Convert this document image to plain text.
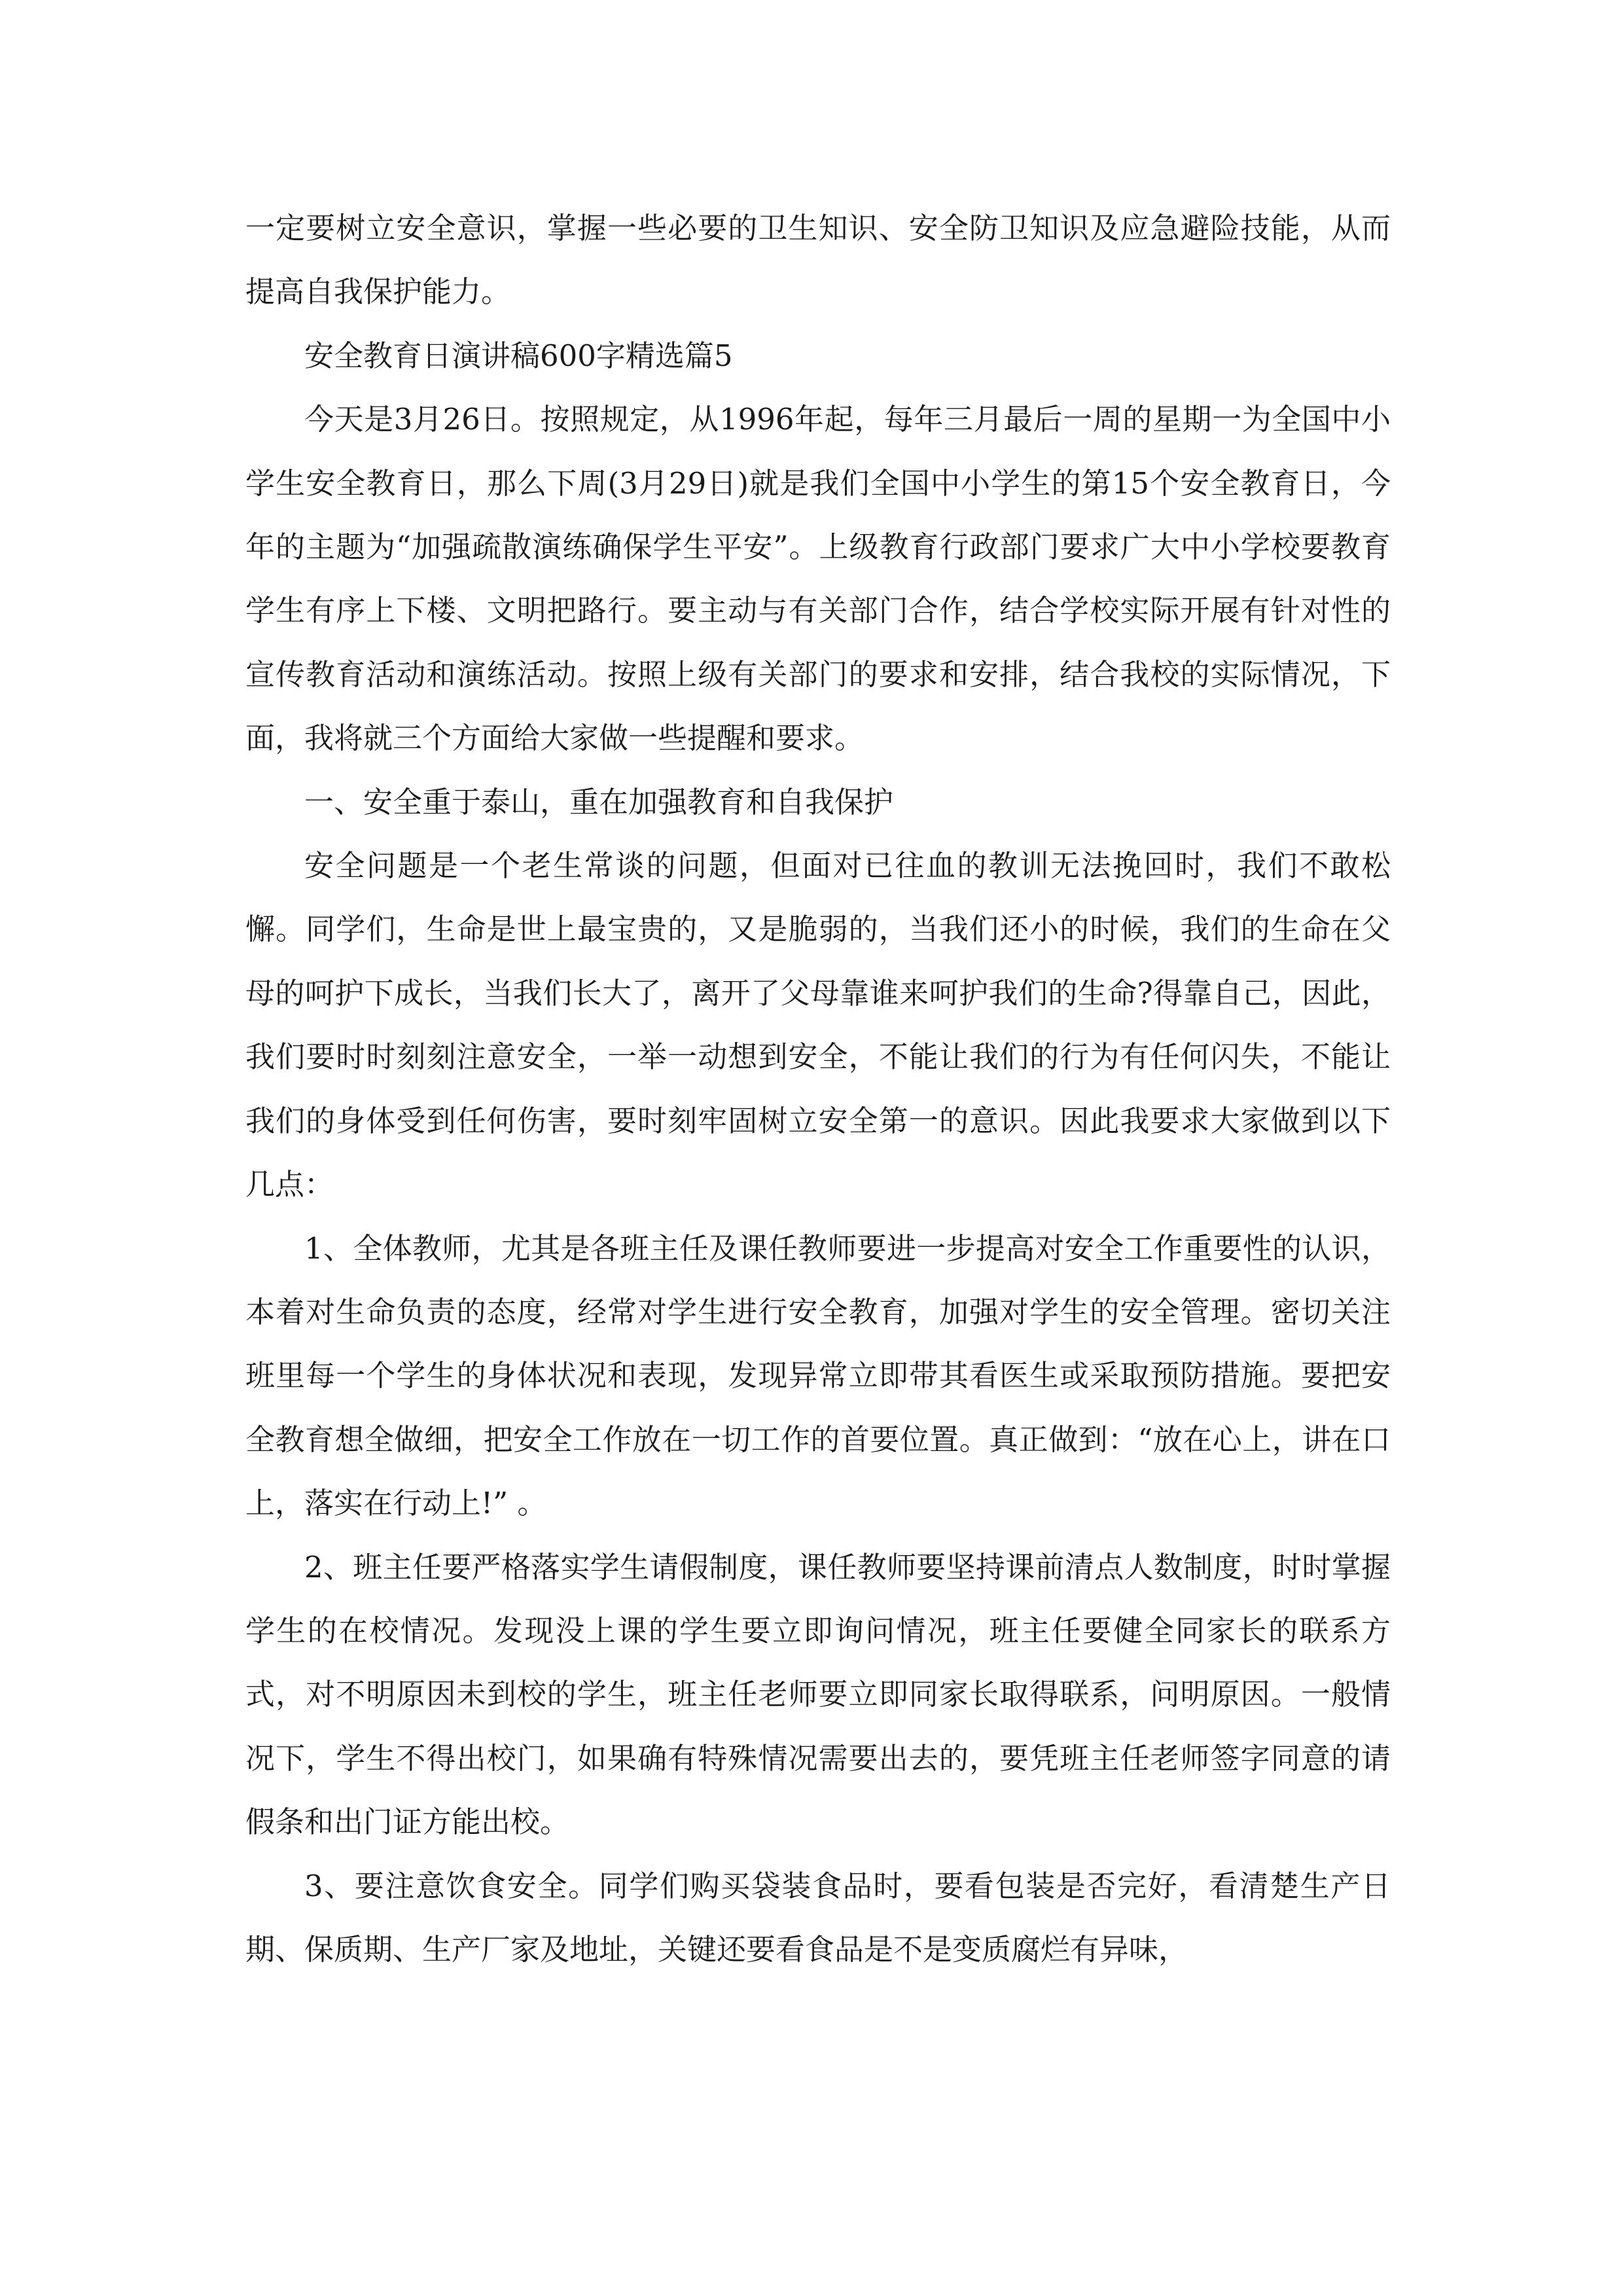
一定要树立安全意识，掌握一些必要的卫生知识、安全防卫知识及应急避险技能，从而提高自我保护能力。

安全教育日演讲稿600字精选篇5

今天是3月26日。按照规定，从1996年起，每年三月最后一周的星期一为全国中小学生安全教育日，那么下周(3月29日)就是我们全国中小学生的第15个安全教育日，今年的主题为“加强疏散演练确保学生平安”。上级教育行政部门要求广大中小学校要教育学生有序上下楼、文明把路行。要主动与有关部门合作，结合学校实际开展有针对性的宣传教育活动和演练活动。按照上级有关部门的要求和安排，结合我校的实际情况，下面，我将就三个方面给大家做一些提醒和要求。

一、安全重于泰山，重在加强教育和自我保护

安全问题是一个老生常谈的问题，但面对已往血的教训无法挽回时，我们不敢松懈。同学们，生命是世上最宝贵的，又是脆弱的，当我们还小的时候，我们的生命在父母的呵护下成长，当我们长大了，离开了父母靠谁来呵护我们的生命?得靠自己，因此，我们要时时刻刻注意安全，一举一动想到安全，不能让我们的行为有任何闪失，不能让我们的身体受到任何伤害，要时刻牢固树立安全第一的意识。因此我要求大家做到以下几点：

1、全体教师，尤其是各班主任及课任教师要进一步提高对安全工作重要性的认识，本着对生命负责的态度，经常对学生进行安全教育，加强对学生的安全管理。密切关注班里每一个学生的身体状况和表现，发现异常立即带其看医生或采取预防措施。要把安全教育想全做细，把安全工作放在一切工作的首要位置。真正做到：“放在心上，讲在口上，落实在行动上!” 。

2、班主任要严格落实学生请假制度，课任教师要坚持课前清点人数制度，时时掌握学生的在校情况。发现没上课的学生要立即询问情况，班主任要健全同家长的联系方式，对不明原因未到校的学生，班主任老师要立即同家长取得联系，问明原因。一般情况下，学生不得出校门，如果确有特殊情况需要出去的，要凭班主任老师签字同意的请假条和出门证方能出校。

3、要注意饮食安全。同学们购买袋装食品时，要看包装是否完好，看清楚生产日期、保质期、生产厂家及地址，关键还要看食品是不是变质腐烂有异味，
